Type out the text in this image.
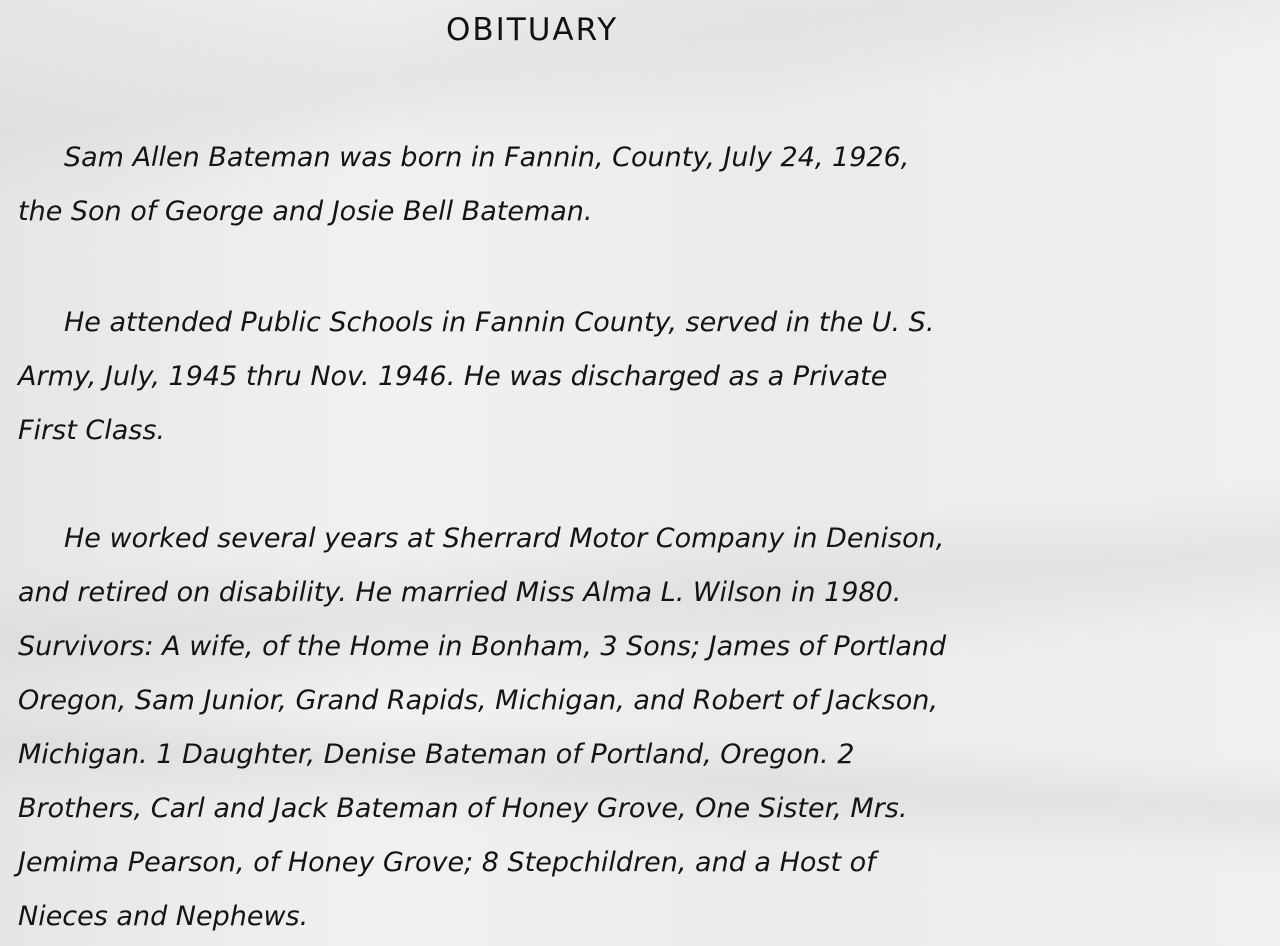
OBITUARY

Sam Allen Bateman was born in Fannin, County, July 24, 1926,
the Son of George and Josie Bell Bateman.

He attended Public Schools in Fannin County, served in the U. S.
Army, July, 1945 thru Nov. 1946. He was discharged as a Private
First Class.

He worked several years at Sherrard Motor Company in Denison,
and retired on disability. He married Miss Alma L. Wilson in 1980.
Survivors: A wife, of the Home in Bonham, 3 Sons; James of Portland
Oregon, Sam Junior, Grand Rapids, Michigan, and Robert of Jackson,
Michigan. 1 Daughter, Denise Bateman of Portland, Oregon. 2
Brothers, Carl and Jack Bateman of Honey Grove, One Sister, Mrs.
Jemima Pearson, of Honey Grove; 8 Stepchildren, and a Host of
Nieces and Nephews.
